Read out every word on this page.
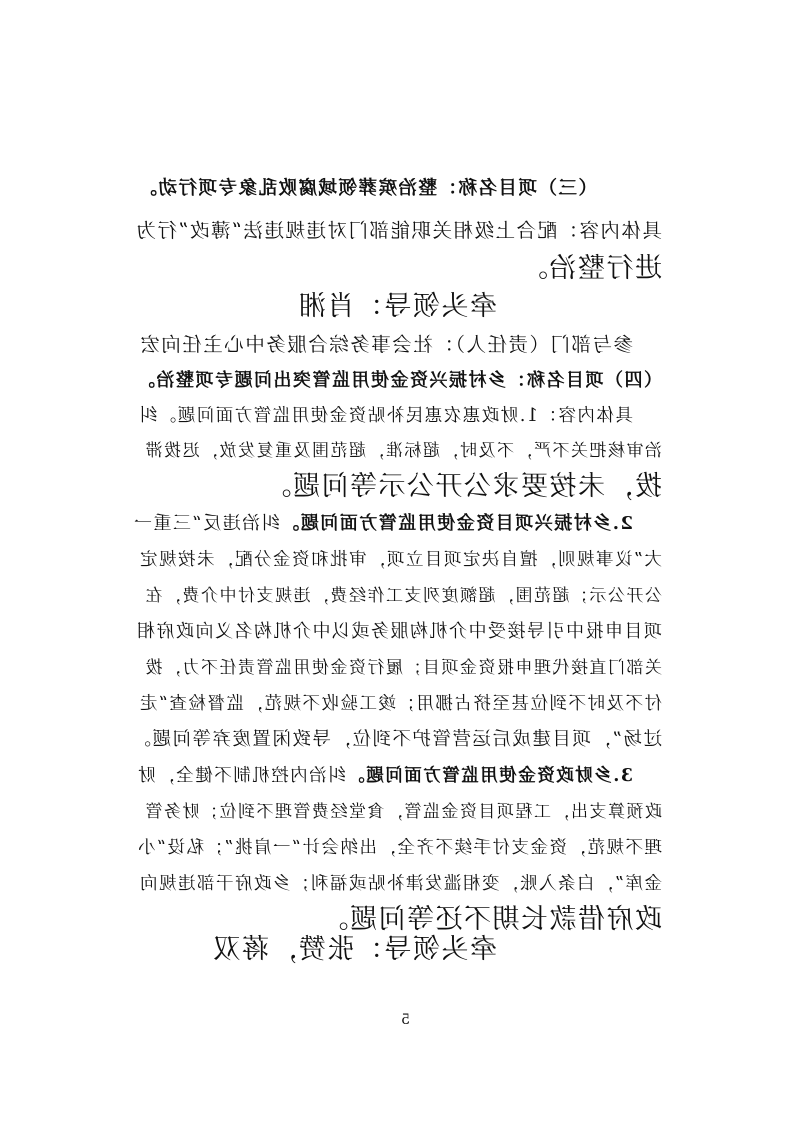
（三）项目名称：整治殡葬领域腐败乱象专项行动。
具体内容：配合上级相关职能部门对违规违法“薄改”行为
进行整治。
牵头领导：肖湘
参与部门（责任人）：社会事务综合服务中心主任向宏
（四）项目名称：乡村振兴资金使用监管突出问题专项整治。
具体内容：1.财政惠农惠民补贴资金使用监管方面问题。纠
治审核把关不严，不及时，超标准，超范围及重复发放，迟拨滞
拨，未按要求公开公示等问题。
2.乡村振兴项目资金使用监管方面问题。纠治违反“三重一
大”议事规则，擅自决定项目立项，审批和资金分配，未按规定
公开公示；超范围，超额度列支工作经费，违规支付中介费，在
项目申报中引导接受中介机构服务或以中介机构名义向政府相
关部门直接代理申报资金项目；履行资金使用监管责任不力，拨
付不及时不到位甚至挤占挪用；竣工验收不规范，监督检查“走
过场”，项目建成后运营管护不到位，导致闲置废弃等问题。
3.乡财政资金使用监管方面问题。纠治内控机制不健全，财
政预算支出，工程项目资金监管，食堂经费管理不到位；财务管
理不规范，资金支付手续不齐全，出纳会计“一肩挑”；私设“小
金库”，白条入账，变相滥发津补贴或福利；乡政府干部违规向
政府借款长期不还等问题。
牵头领导：张赞，蒋双
5
